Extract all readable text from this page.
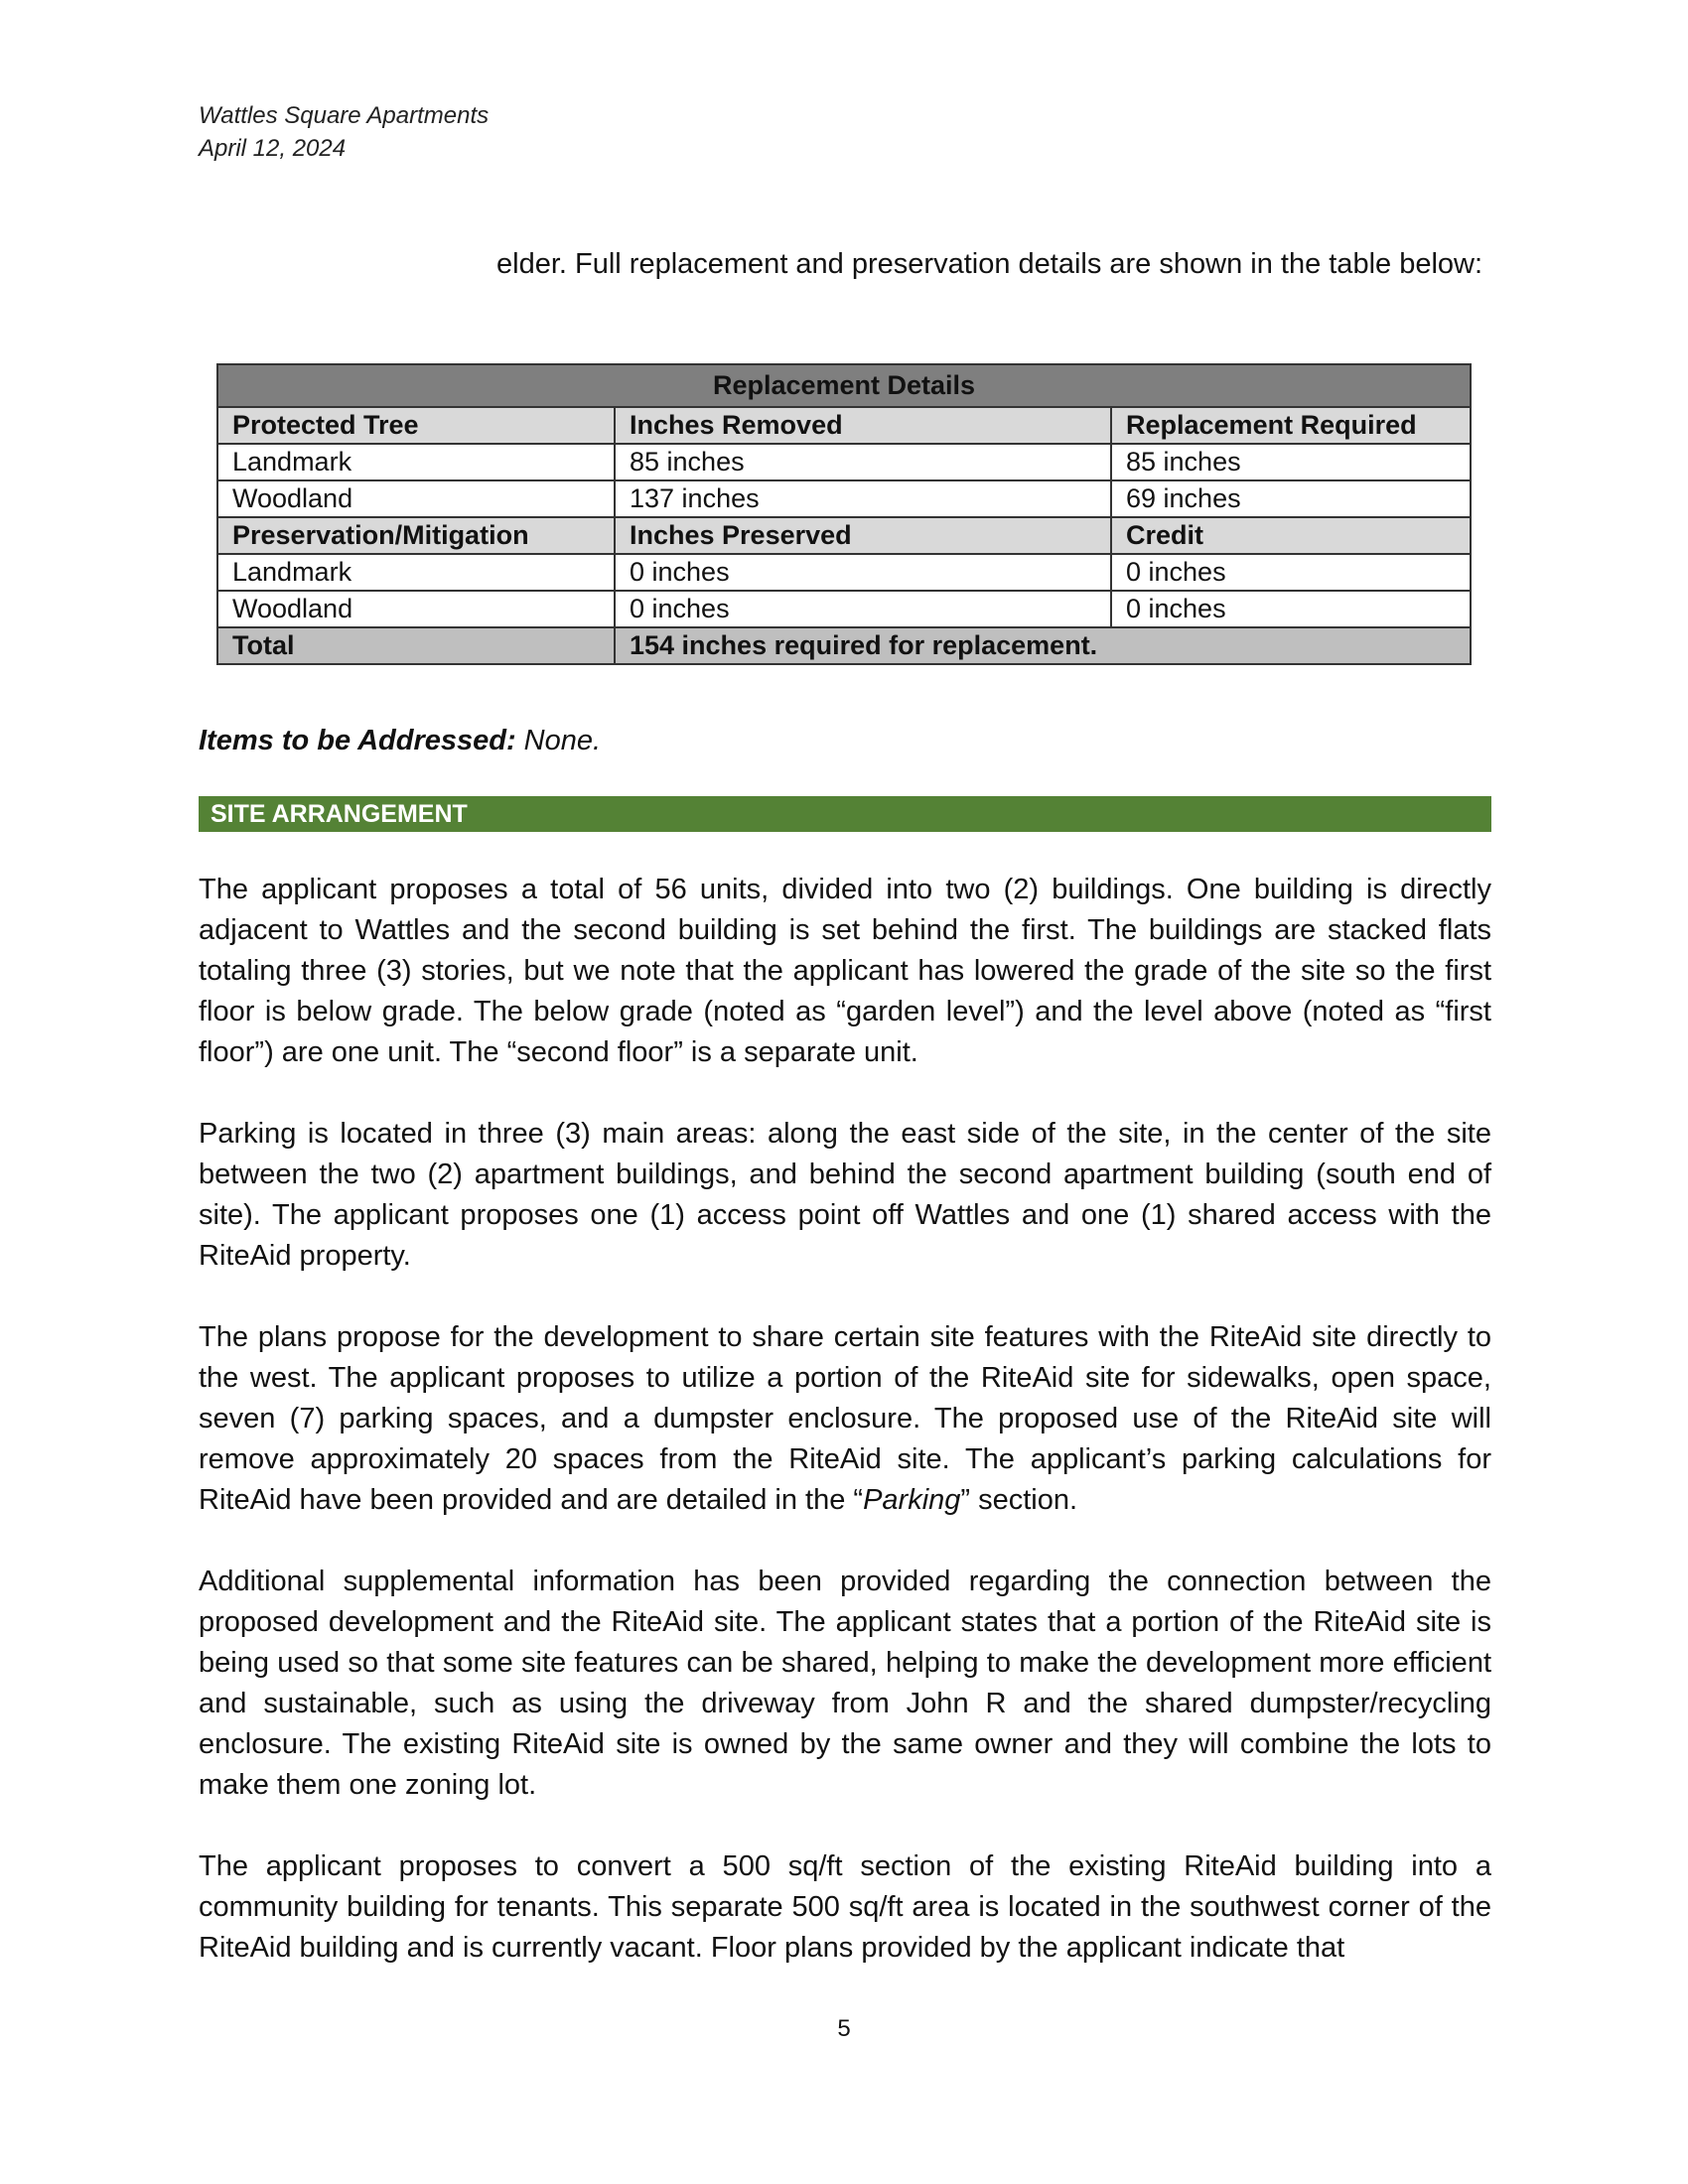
Wattles Square Apartments
April 12, 2024

elder. Full replacement and preservation details are shown in the table below:

Replacement Details		
Protected Tree	Inches Removed	Replacement Required
Landmark	85 inches	85 inches
Woodland	137 inches	69 inches
Preservation/Mitigation	Inches Preserved	Credit
Landmark	0 inches	0 inches
Woodland	0 inches	0 inches
Total	154 inches required for replacement.	
Items to be Addressed: None.
SITE ARRANGEMENT

The applicant proposes a total of 56 units, divided into two (2) buildings. One building is directly adjacent to Wattles and the second building is set behind the first. The buildings are stacked flats totaling three (3) stories, but we note that the applicant has lowered the grade of the site so the first floor is below grade. The below grade (noted as “garden level”) and the level above (noted as “first floor”) are one unit. The “second floor” is a separate unit.

Parking is located in three (3) main areas: along the east side of the site, in the center of the site between the two (2) apartment buildings, and behind the second apartment building (south end of site). The applicant proposes one (1) access point off Wattles and one (1) shared access with the RiteAid property.

The plans propose for the development to share certain site features with the RiteAid site directly to the west. The applicant proposes to utilize a portion of the RiteAid site for sidewalks, open space, seven (7) parking spaces, and a dumpster enclosure. The proposed use of the RiteAid site will remove approximately 20 spaces from the RiteAid site. The applicant’s parking calculations for RiteAid have been provided and are detailed in the “Parking” section.

Additional supplemental information has been provided regarding the connection between the proposed development and the RiteAid site. The applicant states that a portion of the RiteAid site is being used so that some site features can be shared, helping to make the development more efficient and sustainable, such as using the driveway from John R and the shared dumpster/recycling enclosure. The existing RiteAid site is owned by the same owner and they will combine the lots to make them one zoning lot.

The applicant proposes to convert a 500 sq/ft section of the existing RiteAid building into a community building for tenants. This separate 500 sq/ft area is located in the southwest corner of the RiteAid building and is currently vacant. Floor plans provided by the applicant indicate that

5
